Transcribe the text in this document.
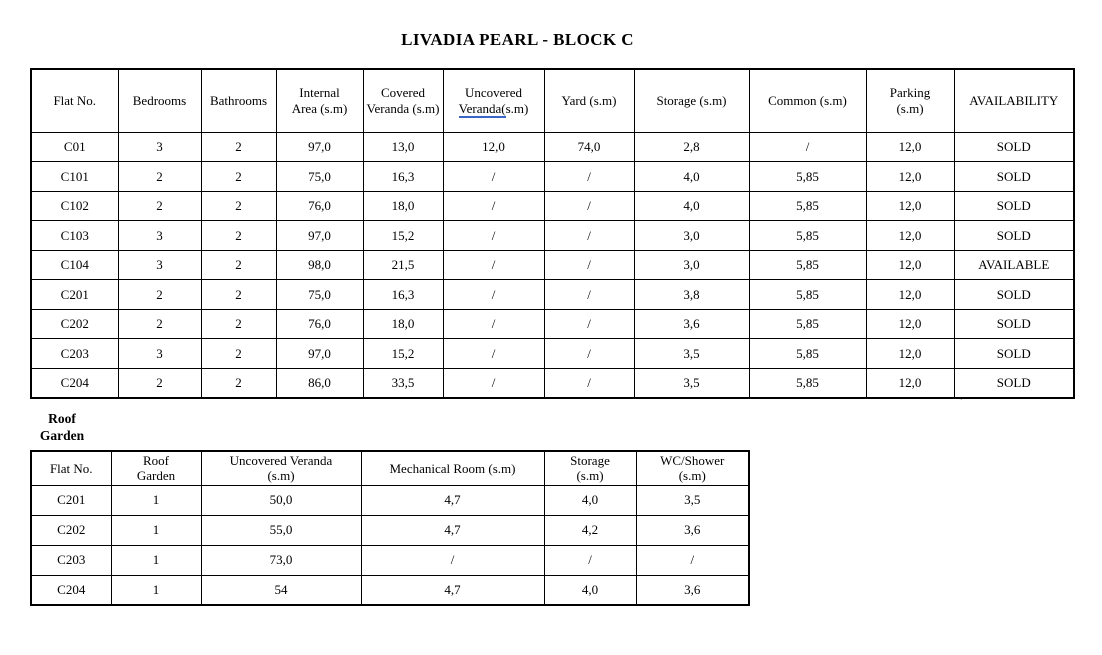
LIVADIA PEARL - BLOCK C
Flat No.	Bedrooms	Bathrooms	Internal Area (s.m)	Covered Veranda (s.m)	Uncovered Veranda(s.m)	Yard (s.m)	Storage (s.m)	Common (s.m)	Parking (s.m)	AVAILABILITY
C01	3	2	97,0	13,0	12,0	74,0	2,8	/	12,0	SOLD
C101	2	2	75,0	16,3	/	/	4,0	5,85	12,0	SOLD
C102	2	2	76,0	18,0	/	/	4,0	5,85	12,0	SOLD
C103	3	2	97,0	15,2	/	/	3,0	5,85	12,0	SOLD
C104	3	2	98,0	21,5	/	/	3,0	5,85	12,0	AVAILABLE
C201	2	2	75,0	16,3	/	/	3,8	5,85	12,0	SOLD
C202	2	2	76,0	18,0	/	/	3,6	5,85	12,0	SOLD
C203	3	2	97,0	15,2	/	/	3,5	5,85	12,0	SOLD
C204	2	2	86,0	33,5	/	/	3,5	5,85	12,0	SOLD
`
Roof Garden
Flat No.	Roof Garden	Uncovered Veranda (s.m)	Mechanical Room (s.m)	Storage (s.m)	WC/Shower (s.m)
C201	1	50,0	4,7	4,0	3,5
C202	1	55,0	4,7	4,2	3,6
C203	1	73,0	/	/	/
C204	1	54	4,7	4,0	3,6
